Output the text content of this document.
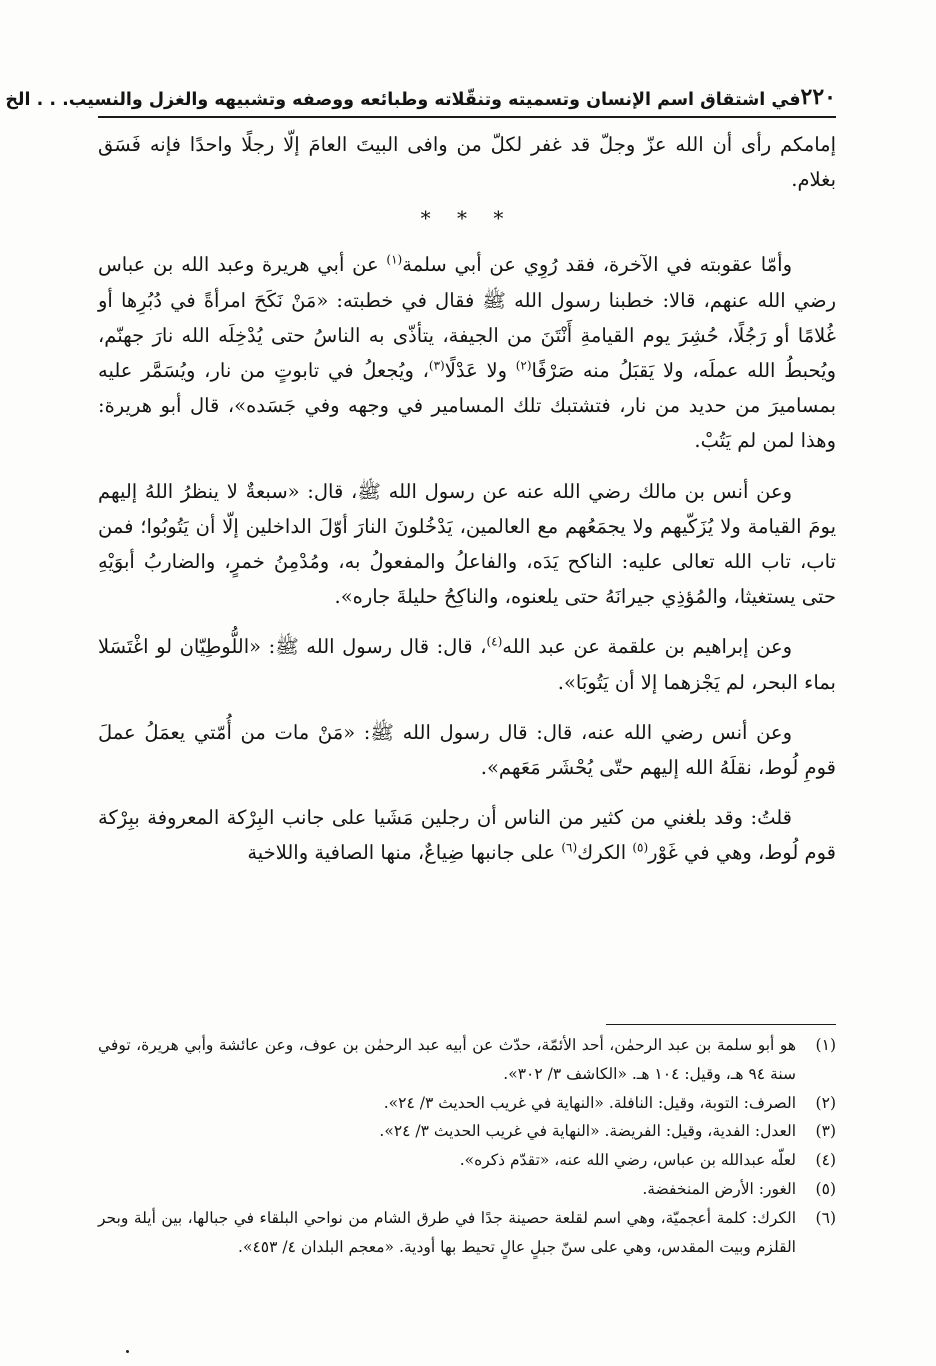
٢٢٠
في اشتقاق اسم الإنسان وتسميته وتنقّلاته وطبائعه ووصفه وتشبيهه والغزل والنسيب. . . الخ

إمامكم رأى أن الله عزّ وجلّ قد غفر لكلّ من وافى البيتَ العامَ إلّا رجلًا واحدًا فإنه فَسَق بغلام.

* * *

وأمّا عقوبته في الآخرة، فقد رُوِي عن أبي سلمة$^{(١)}$ عن أبي هريرة وعبد الله بن عباس رضي الله عنهم، قالا: خطبنا رسول الله ﷺ فقال في خطبته: «مَنْ نَكَحَ امرأةً في دُبُرِها أو غُلامًا أو رَجُلًا، حُشِرَ يوم القيامةِ أَنْتَنَ من الجيفة، يتأذّى به الناسُ حتى يُدْخِلَه الله نارَ جهنّم، ويُحبطُ الله عملَه، ولا يَقبَلُ منه صَرْفًا$^{(٢)}$ ولا عَدْلًا$^{(٣)}$، ويُجعلُ في تابوتٍ من نار، ويُسَمَّر عليه بمساميرَ من حديد من نار، فتشتبك تلك المسامير في وجهه وفي جَسَده»، قال أبو هريرة: وهذا لمن لم يَتُبْ.

وعن أنس بن مالك رضي الله عنه عن رسول الله ﷺ، قال: «سبعةٌ لا ينظرُ اللهُ إليهم يومَ القيامة ولا يُزَكّيهم ولا يجمَعُهم مع العالمين، يَدْخُلونَ النارَ أوّلَ الداخلين إلّا أن يَتُوبُوا؛ فمن تاب، تاب الله تعالى عليه: الناكح يَدَه، والفاعلُ والمفعولُ به، ومُدْمِنُ خمرٍ، والضاربُ أبوَيْهِ حتى يستغيثا، والمُؤذِي جيرانَهُ حتى يلعنوه، والناكِحُ حليلةَ جاره».

وعن إبراهيم بن علقمة عن عبد الله$^{(٤)}$، قال: قال رسول الله ﷺ: «اللُّوطِيّان لو اغْتَسَلا بماء البحر، لم يَجْزهما إلا أن يَتُوبَا».

وعن أنس رضي الله عنه، قال: قال رسول الله ﷺ: «مَنْ مات من أُمّتي يعمَلُ عملَ قومِ لُوط، نقلَهُ الله إليهم حتّى يُحْشَر مَعَهم».

قلتُ: وقد بلغني من كثير من الناس أن رجلين مَشَيا على جانب البِرْكة المعروفة ببِرْكة قوم لُوط، وهي في غَوْر$^{(٥)}$ الكرك$^{(٦)}$ على جانبها ضِياعٌ، منها الصافية واللاخية

(١)
هو أبو سلمة بن عبد الرحمٰن، أحد الأئمّة، حدّث عن أبيه عبد الرحمٰن بن عوف، وعن عائشة وأبي هريرة، توفي سنة ٩٤ هـ، وقيل: ١٠٤ هـ. «الكاشف ٣/ ٣٠٢».
(٢)
الصرف: التوبة، وقيل: النافلة. «النهاية في غريب الحديث ٣/ ٢٤».
(٣)
العدل: الفدية، وقيل: الفريضة. «النهاية في غريب الحديث ٣/ ٢٤».
(٤)
لعلّه عبدالله بن عباس، رضي الله عنه، «تقدّم ذكره».
(٥)
الغور: الأرض المنخفضة.
(٦)
الكرك: كلمة أعجميّة، وهي اسم لقلعة حصينة جدًا في طرق الشام من نواحي البلقاء في جبالها، بين أيلة وبحر القلزم وبيت المقدس، وهي على سنّ جبلٍ عالٍ تحيط بها أودية. «معجم البلدان ٤/ ٤٥٣».
